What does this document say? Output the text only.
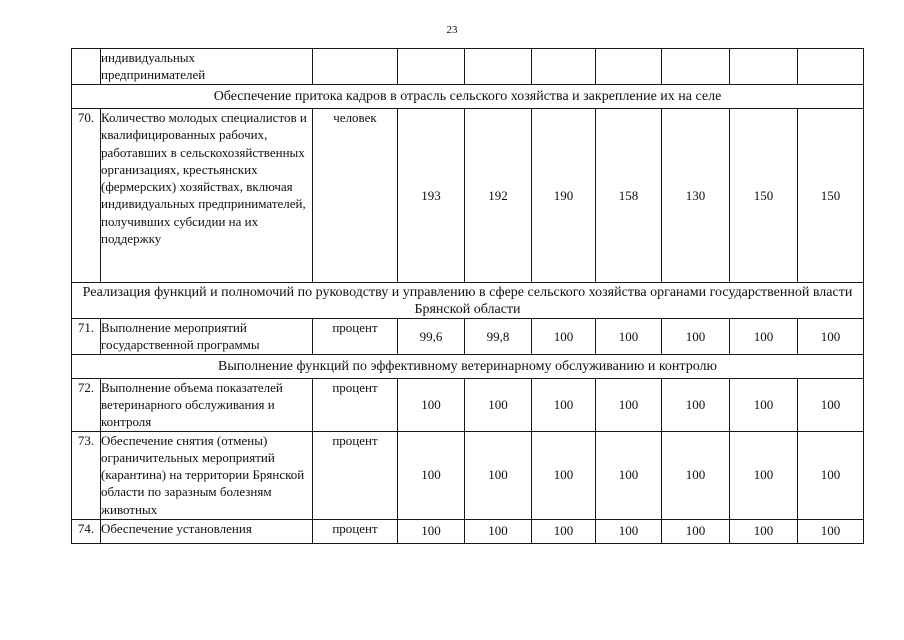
23

	индивидуальных предпринимателей								

Обеспечение притока кадров в отрасль сельского хозяйства и закрепление их на селе									
70.	Количество молодых специалистов и квалифицированных рабочих, работавших в сельскохозяйственных организациях, крестьянских (фермерских) хозяйствах, включая индивидуальных предпринимателей, получивших субсидии на их поддержку	человек	193	192	190	158	130	150	150
Реализация функций и полномочий по руководству и управлению в сфере сельского хозяйства органами государственной власти Брянской области									
71.	Выполнение мероприятий государственной программы	процент	99,6	99,8	100	100	100	100	100
Выполнение функций по эффективному ветеринарному обслуживанию и контролю									
72.	Выполнение объема показателей ветеринарного обслуживания и контроля	процент	100	100	100	100	100	100	100
73.	Обеспечение снятия (отмены) ограничительных мероприятий (карантина) на территории Брянской области по заразным болезням животных	процент	100	100	100	100	100	100	100
74.	Обеспечение установления	процент	100	100	100	100	100	100	100
